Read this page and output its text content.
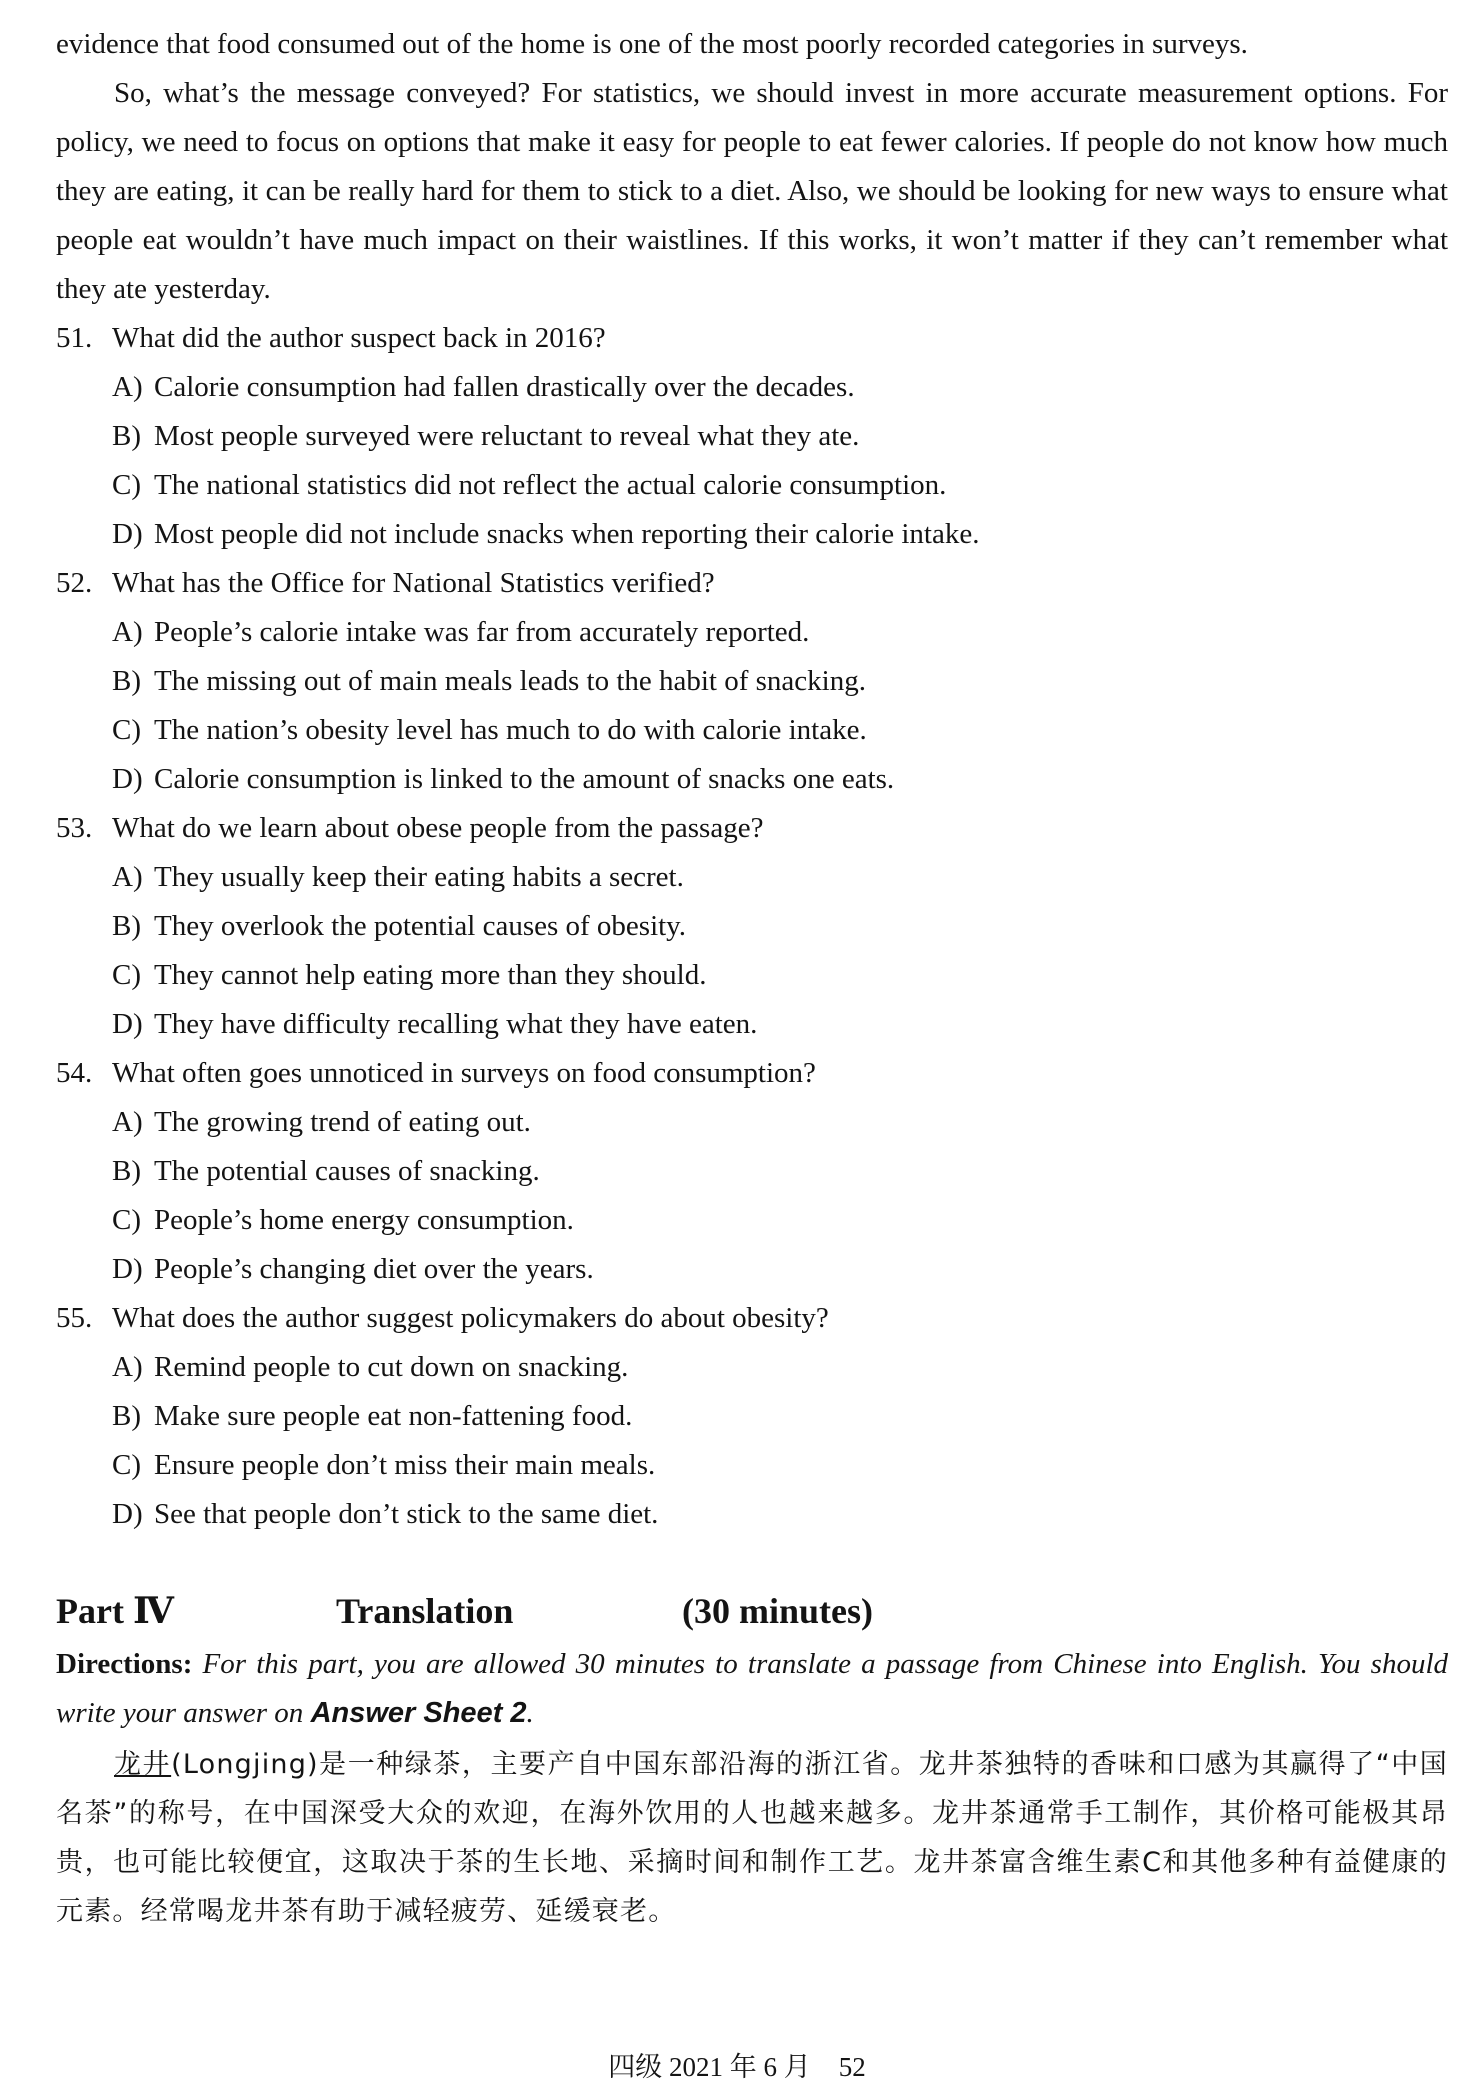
evidence that food consumed out of the home is one of the most poorly recorded categories in surveys.

So, what’s the message conveyed? For statistics, we should invest in more accurate measurement options. For policy, we need to focus on options that make it easy for people to eat fewer calories. If people do not know how much they are eating, it can be really hard for them to stick to a diet. Also, we should be looking for new ways to ensure what people eat wouldn’t have much impact on their waistlines. If this works, it won’t matter if they can’t remember what they ate yesterday.

51. What did the author suspect back in 2016?

A) Calorie consumption had fallen drastically over the decades.
B) Most people surveyed were reluctant to reveal what they ate.
C) The national statistics did not reflect the actual calorie consumption.
D) Most people did not include snacks when reporting their calorie intake.

52. What has the Office for National Statistics verified?

A) People’s calorie intake was far from accurately reported.
B) The missing out of main meals leads to the habit of snacking.
C) The nation’s obesity level has much to do with calorie intake.
D) Calorie consumption is linked to the amount of snacks one eats.

53. What do we learn about obese people from the passage?

A) They usually keep their eating habits a secret.
B) They overlook the potential causes of obesity.
C) They cannot help eating more than they should.
D) They have difficulty recalling what they have eaten.

54. What often goes unnoticed in surveys on food consumption?

A) The growing trend of eating out.
B) The potential causes of snacking.
C) People’s home energy consumption.
D) People’s changing diet over the years.

55. What does the author suggest policymakers do about obesity?

A) Remind people to cut down on snacking.
B) Make sure people eat non-fattening food.
C) Ensure people don’t miss their main meals.
D) See that people don’t stick to the same diet.
Part Ⅳ	Translation	(30 minutes)

Directions: For this part, you are allowed 30 minutes to translate a passage from Chinese into English. You should write your answer on Answer Sheet 2.

龙井(Longjing)是一种绿茶，主要产自中国东部沿海的浙江省。龙井茶独特的香味和口感为其赢得了“中国名茶”的称号，在中国深受大众的欢迎，在海外饮用的人也越来越多。龙井茶通常手工制作，其价格可能极其昂贵，也可能比较便宜，这取决于茶的生长地、采摘时间和制作工艺。龙井茶富含维生素C和其他多种有益健康的元素。经常喝龙井茶有助于减轻疲劳、延缓衰老。

四级 2021 年 6 月 52
